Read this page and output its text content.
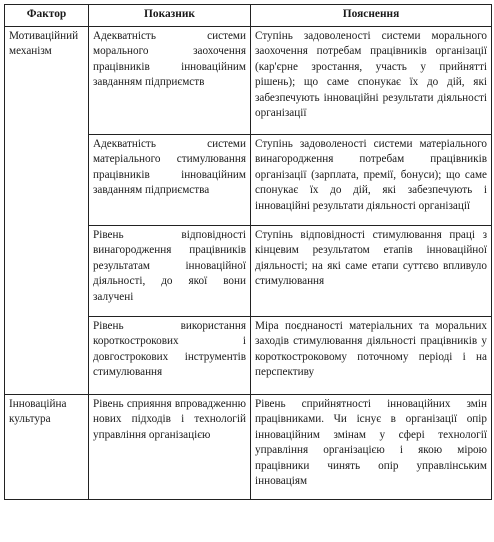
Фактор	Показник	Пояснення
Мотиваційний механізм	Адекватність системи морального заохочення працівників інноваційним завданням підприємств	Ступінь задоволеності системи морального заохочення потребам працівників організації (кар'єрне зростання, участь у прийнятті рішень); що саме спонукає їх до дій, які забезпечують інноваційні результати діяльності організації
	Адекватність системи матеріального стимулювання працівників інноваційним завданням підприємства	Ступінь задоволеності системи матеріального винагородження потребам працівників організації (зарплата, премії, бонуси); що саме спонукає їх до дій, які забезпечують і інноваційні результати діяльності організації
	Рівень відповідності винагородження працівників результатам інноваційної діяльності, до якої вони залучені	Ступінь відповідності стимулювання праці з кінцевим результатом етапів інноваційної діяльності; на які саме етапи суттєво впливуло стимулювання
	Рівень використання короткострокових і довгострокових інструментів стимулювання	Міра поєднаності матеріальних та моральних заходів стимулювання діяльності працівників у короткостроковому поточному періоді і на перспективу
Інноваційна культура	Рівень сприяння впровадженню нових підходів і технологій управління організацією	Рівень сприйнятності інноваційних змін працівниками. Чи існує в організації опір інноваційним змінам у сфері технології управління організацією і якою мірою працівники чинять опір управлінським інноваціям
